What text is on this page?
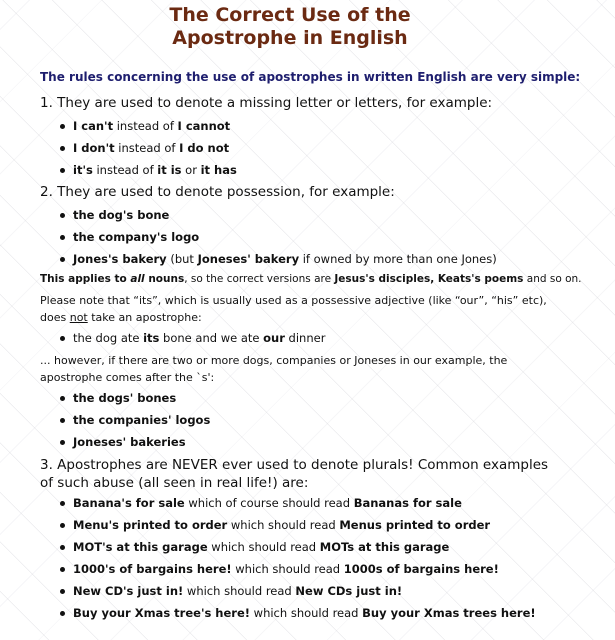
The Correct Use of the
Apostrophe in English
The rules concerning the use of apostrophes in written English are very simple:
1. They are used to denote a missing letter or letters, for example:
I can't instead of I cannot
I don't instead of I do not
it's instead of it is or it has
2. They are used to denote possession, for example:
the dog's bone
the company's logo
Jones's bakery (but Joneses' bakery if owned by more than one Jones)
This applies to all nouns, so the correct versions are Jesus's disciples, Keats's poems and so on.
Please note that “its”, which is usually used as a possessive adjective (like “our”, “his” etc), does not take an apostrophe:
the dog ate its bone and we ate our dinner
... however, if there are two or more dogs, companies or Joneses in our example, the apostrophe comes after the `s':
the dogs' bones
the companies' logos
Joneses' bakeries
3. Apostrophes are NEVER ever used to denote plurals! Common examples of such abuse (all seen in real life!) are:
Banana's for sale which of course should read Bananas for sale
Menu's printed to order which should read Menus printed to order
MOT's at this garage which should read MOTs at this garage
1000's of bargains here! which should read 1000s of bargains here!
New CD's just in! which should read New CDs just in!
Buy your Xmas tree's here! which should read Buy your Xmas trees here!
